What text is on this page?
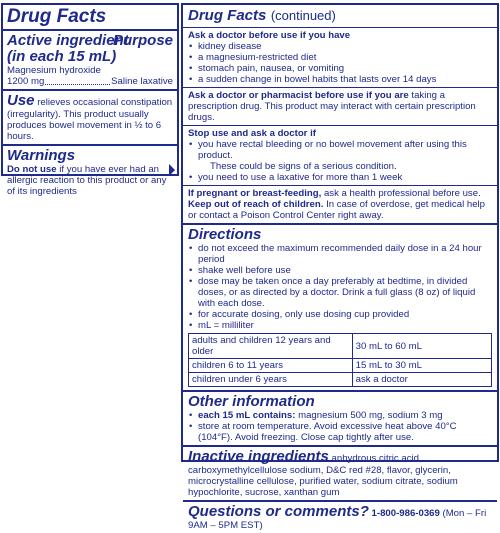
Drug Facts
Active ingredient
(in each 15 mL)
Purpose
Magnesium hydroxide
1200 mg	Saline laxative
Use relieves occasional constipation (irregularity). This product usually produces bowel movement in ½ to 6 hours.
Warnings
Do not use if you have ever had an allergic reaction to this product or any of its ingredients
Drug Facts (continued)
Ask a doctor before use if you have
• kidney disease
• a magnesium-restricted diet
• stomach pain, nausea, or vomiting
• a sudden change in bowel habits that lasts over 14 days
Ask a doctor or pharmacist before use if you are taking a prescription drug. This product may interact with certain prescription drugs.
Stop use and ask a doctor if
• you have rectal bleeding or no bowel movement after using this product.
These could be signs of a serious condition.
• you need to use a laxative for more than 1 week
If pregnant or breast-feeding, ask a health professional before use.
Keep out of reach of children. In case of overdose, get medical help or contact a Poison Control Center right away.
Directions
• do not exceed the maximum recommended daily dose in a 24 hour period
• shake well before use
• dose may be taken once a day preferably at bedtime, in divided doses, or as directed by a doctor. Drink a full glass (8 oz) of liquid with each dose.
• for accurate dosing, only use dosing cup provided
• mL = milliliter
adults and children 12 years and older	30 mL to 60 mL
children 6 to 11 years	15 mL to 30 mL
children under 6 years	ask a doctor
Other information
• each 15 mL contains: magnesium 500 mg, sodium 3 mg
• store at room temperature. Avoid excessive heat above 40°C (104°F). Avoid freezing. Close cap tightly after use.
Inactive ingredients anhydrous citric acid, carboxymethylcellulose sodium, D&C red #28, flavor, glycerin, microcrystalline cellulose, purified water, sodium citrate, sodium hypochlorite, sucrose, xanthan gum
Questions or comments? 1-800-986-0369 (Mon – Fri 9AM – 5PM EST)
